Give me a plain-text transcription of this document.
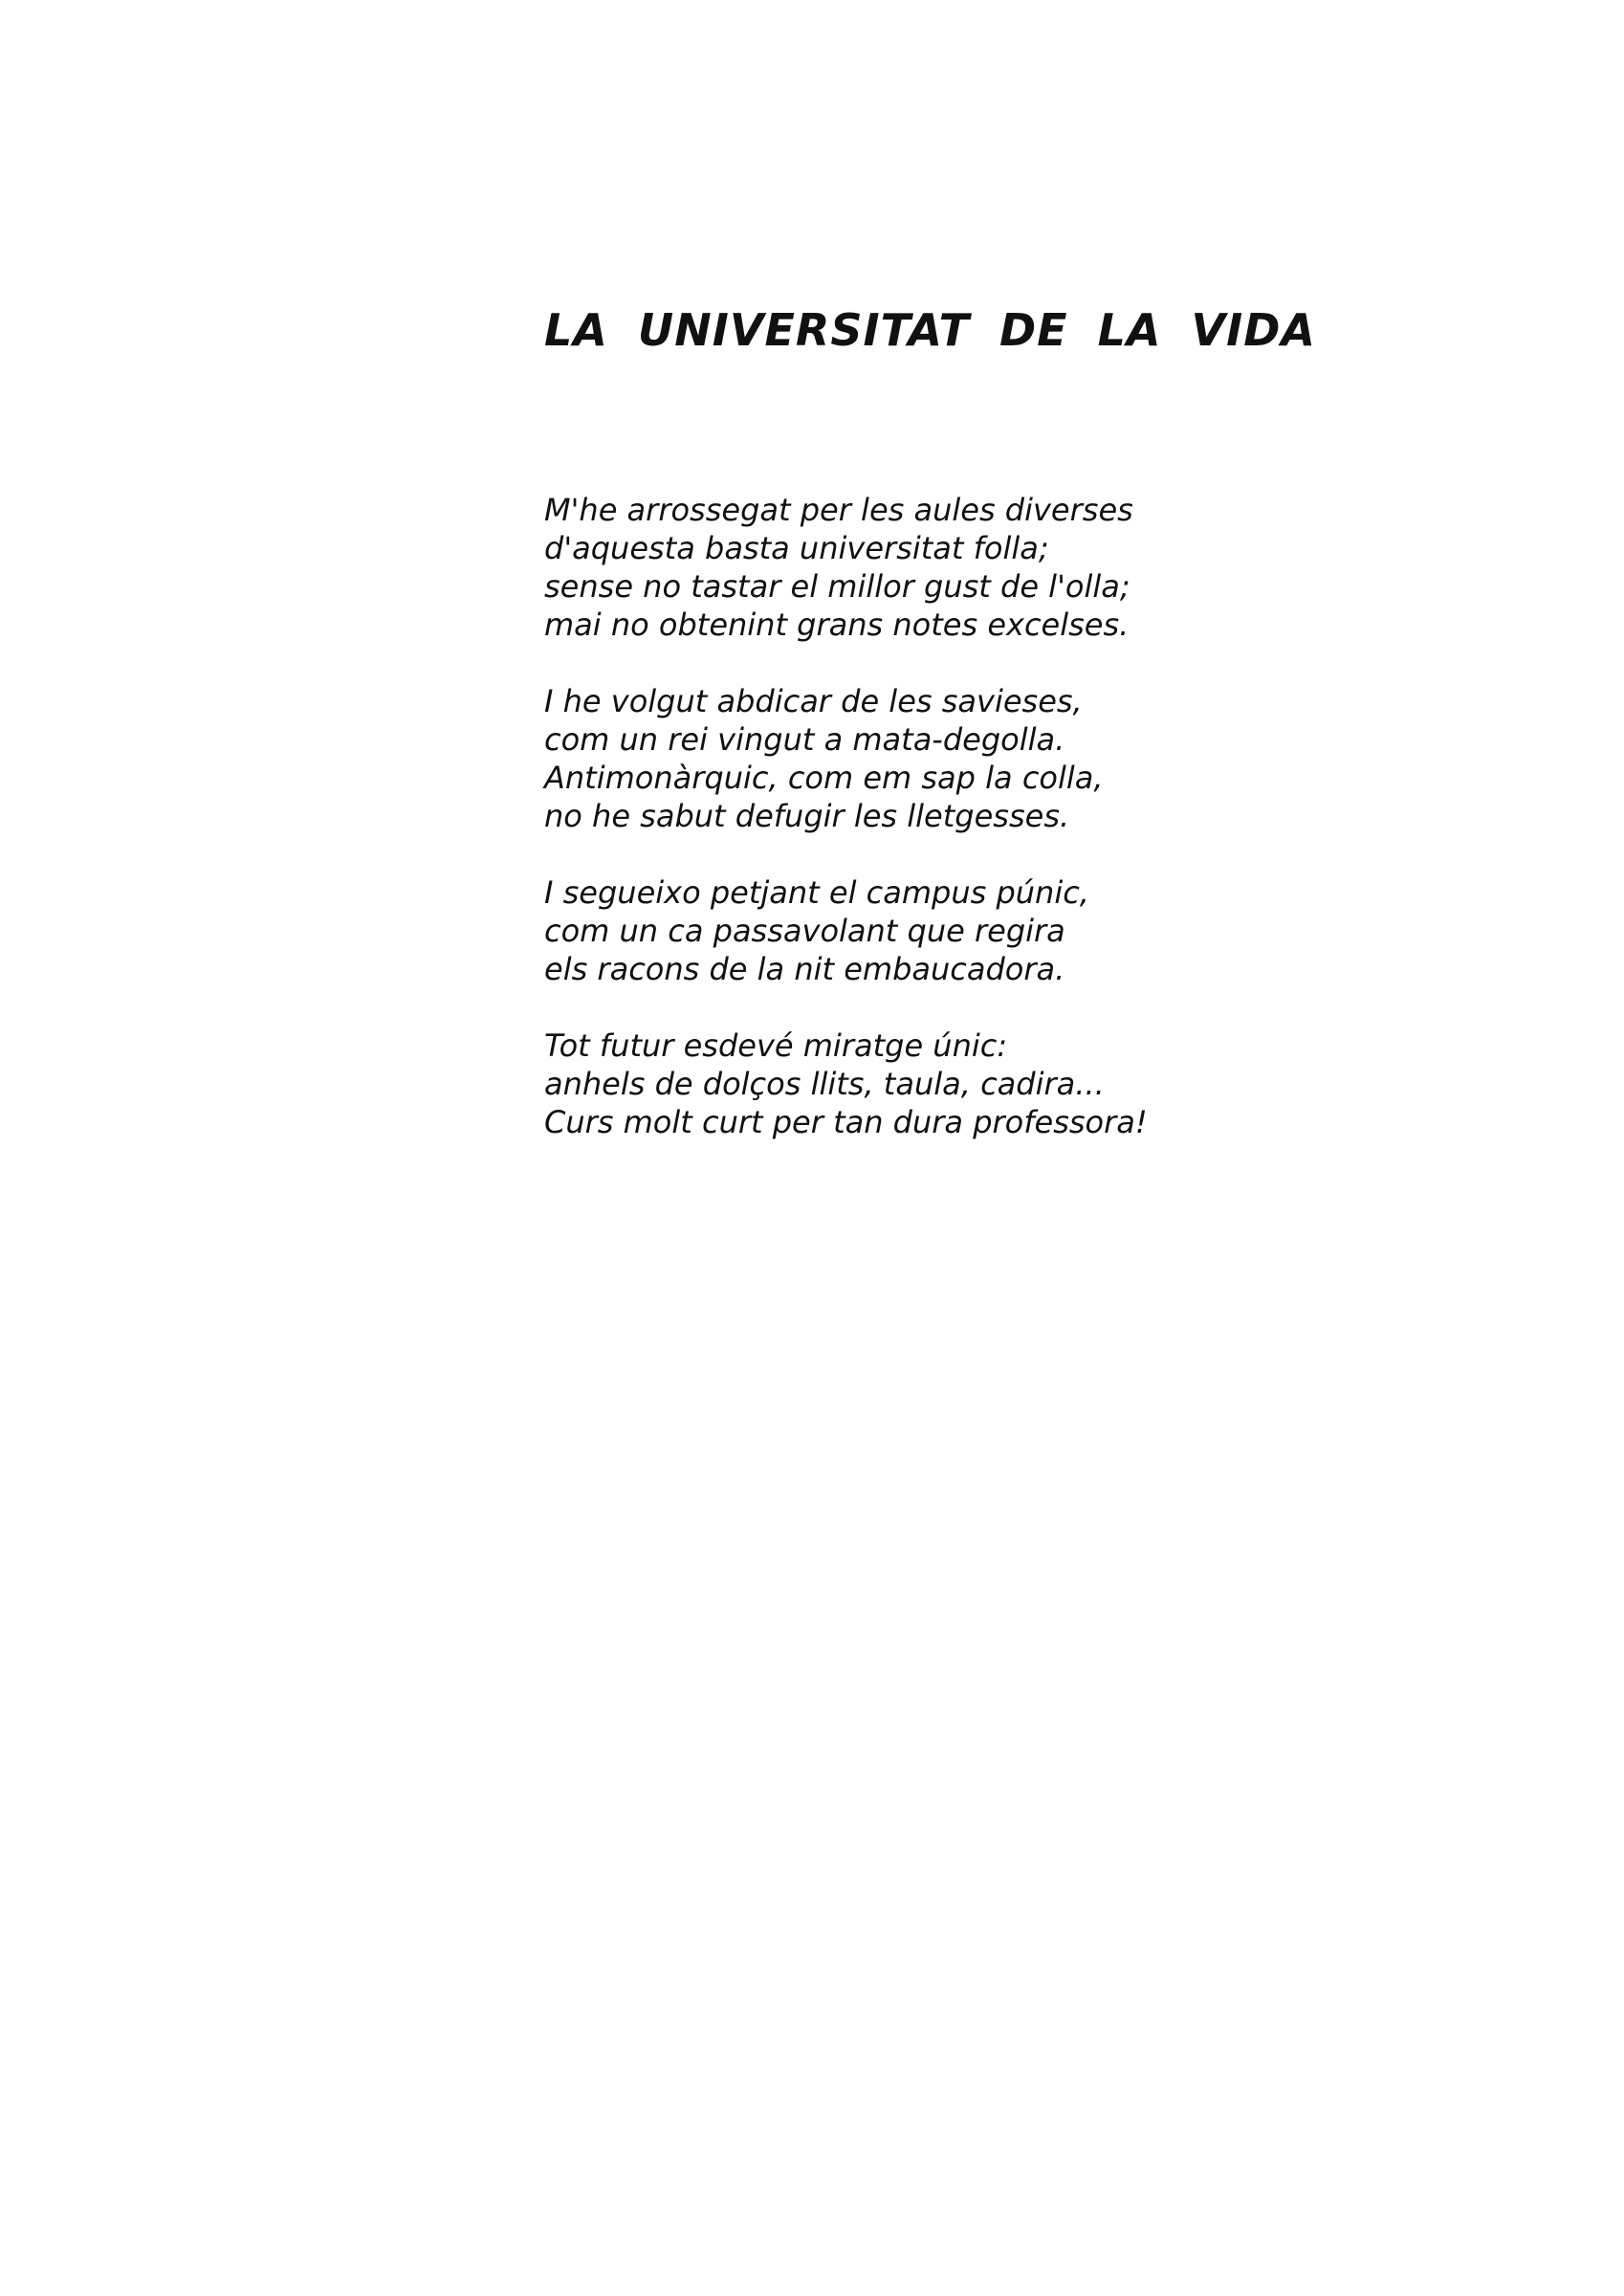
LA UNIVERSITAT DE LA VIDA
M'he arrossegat per les aules diverses
d'aquesta basta universitat folla;
sense no tastar el millor gust de l'olla;
mai no obtenint grans notes excelses.
I he volgut abdicar de les savieses,
com un rei vingut a mata-degolla.
Antimonàrquic, com em sap la colla,
no he sabut defugir les lletgesses.
I segueixo petjant el campus púnic,
com un ca passavolant que regira
els racons de la nit embaucadora.
Tot futur esdevé miratge únic:
anhels de dolços llits, taula, cadira...
Curs molt curt per tan dura professora!
